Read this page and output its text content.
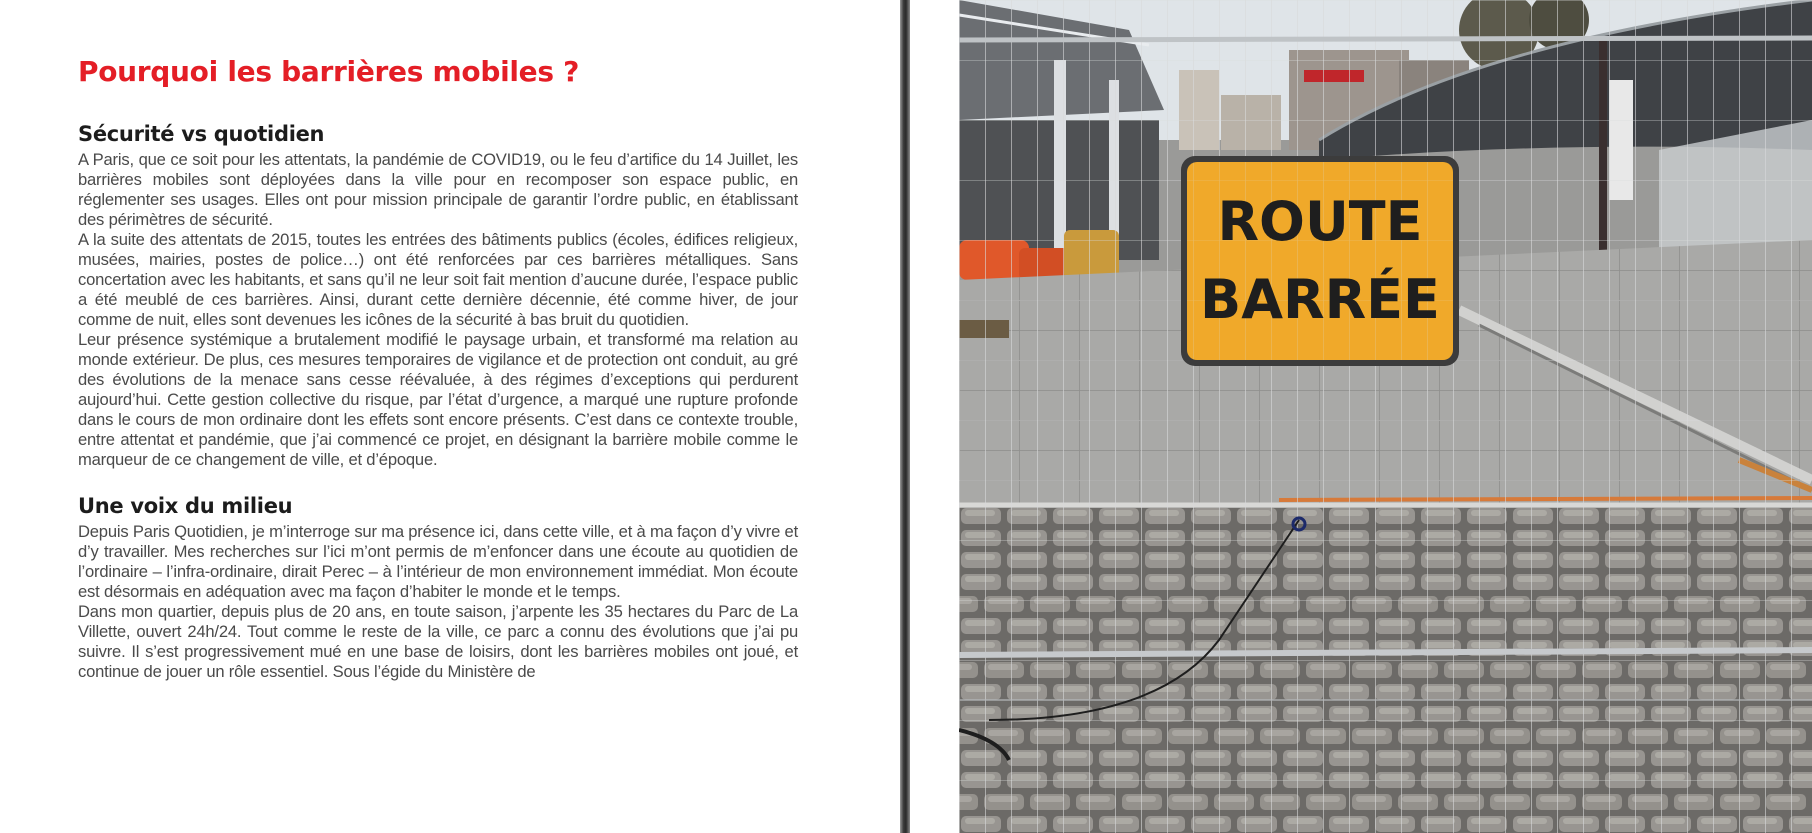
Pourquoi les barrières mobiles ?
Sécurité vs quotidien

A Paris, que ce soit pour les attentats, la pandémie de COVID19, ou le feu d’artifice du 14 Juillet, les barrières mobiles sont déployées dans la ville pour en recomposer son espace public, en réglementer ses usages. Elles ont pour mission principale de garantir l’ordre public, en établissant des périmètres de sécurité.

A la suite des attentats de 2015, toutes les entrées des bâtiments publics (écoles, édifices religieux, musées, mairies, postes de police…) ont été renforcées par ces barrières métalliques. Sans concertation avec les habitants, et sans qu’il ne leur soit fait mention d’aucune durée, l’espace public a été meublé de ces barrières. Ainsi, durant cette dernière décennie, été comme hiver, de jour comme de nuit, elles sont devenues les icônes de la sécurité à bas bruit du quotidien.

Leur présence systémique a brutalement modifié le paysage urbain, et transformé ma relation au monde extérieur. De plus, ces mesures temporaires de vigilance et de protection ont conduit, au gré des évolutions de la menace sans cesse réévaluée, à des régimes d’exceptions qui perdurent aujourd’hui. Cette gestion collective du risque, par l’état d’urgence, a marqué une rupture profonde dans le cours de mon ordinaire dont les effets sont encore présents. C’est dans ce contexte trouble, entre attentat et pandémie, que j’ai commencé ce projet, en désignant la barrière mobile comme le marqueur de ce changement de ville, et d’époque.

Une voix du milieu

Depuis Paris Quotidien, je m’interroge sur ma présence ici, dans cette ville, et à ma façon d’y vivre et d’y travailler. Mes recherches sur l’ici m’ont permis de m’enfoncer dans une écoute au quotidien de l’ordinaire – l’infra-ordinaire, dirait Perec – à l’intérieur de mon environnement immédiat. Mon écoute est désormais en adéquation avec ma façon d’habiter le monde et le temps.

Dans mon quartier, depuis plus de 20 ans, en toute saison, j’arpente les 35 hectares du Parc de La Villette, ouvert 24h/24. Tout comme le reste de la ville, ce parc a connu des évolutions que j’ai pu suivre. Il s’est progressivement mué en une base de loisirs, dont les barrières mobiles ont joué, et continue de jouer un rôle essentiel. Sous l’égide du Ministère de

ROUTE
BARRÉE
